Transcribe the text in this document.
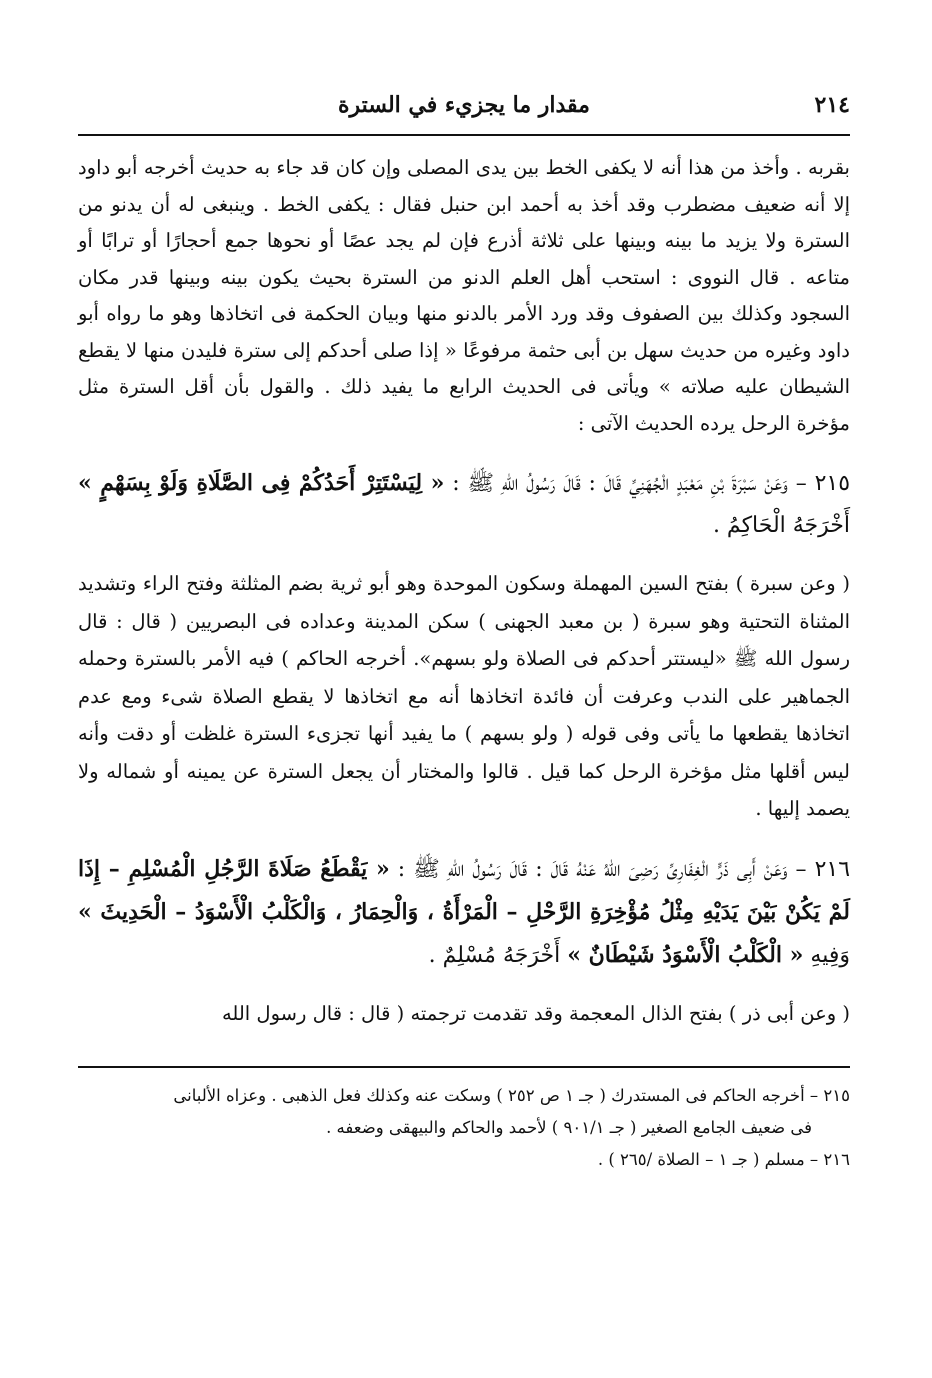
٢١٤
مقدار ما يجزيء في السترة

بقربه . وأخذ من هذا أنه لا يكفى الخط بين يدى المصلى وإن كان قد جاء به حديث أخرجه أبو داود إلا أنه ضعيف مضطرب وقد أخذ به أحمد ابن حنبل فقال : يكفى الخط . وينبغى له أن يدنو من السترة ولا يزيد ما بينه وبينها على ثلاثة أذرع فإن لم يجد عصًا أو نحوها جمع أحجارًا أو ترابًا أو متاعه . قال النووى : استحب أهل العلم الدنو من السترة بحيث يكون بينه وبينها قدر مكان السجود وكذلك بين الصفوف وقد ورد الأمر بالدنو منها وبيان الحكمة فى اتخاذها وهو ما رواه أبو داود وغيره من حديث سهل بن أبى حثمة مرفوعًا « إذا صلى أحدكم إلى سترة فليدن منها لا يقطع الشيطان عليه صلاته » ويأتى فى الحديث الرابع ما يفيد ذلك . والقول بأن أقل السترة مثل مؤخرة الرحل يرده الحديث الآتى :

٢١٥ – وَعَنْ سَبْرَةَ بْنِ مَعْبَدٍ الْجُهَنِيِّ قَالَ : قَالَ رَسُولُ اللهِ ﷺ : « لِيَسْتَتِرْ أَحَدُكُمْ فِى الصَّلَاةِ وَلَوْ بِسَهْمٍ » أَخْرَجَهُ الْحَاكِمُ .

( وعن سبرة ) بفتح السين المهملة وسكون الموحدة وهو أبو ثرية بضم المثلثة وفتح الراء وتشديد المثناة التحتية وهو سبرة ( بن معبد الجهنى ) سكن المدينة وعداده فى البصريين ( قال : قال رسول الله ﷺ «ليستتر أحدكم فى الصلاة ولو بسهم». أخرجه الحاكم ) فيه الأمر بالسترة وحمله الجماهير على الندب وعرفت أن فائدة اتخاذها أنه مع اتخاذها لا يقطع الصلاة شىء ومع عدم اتخاذها يقطعها ما يأتى وفى قوله ( ولو بسهم ) ما يفيد أنها تجزىء السترة غلظت أو دقت وأنه ليس أقلها مثل مؤخرة الرحل كما قيل . قالوا والمختار أن يجعل السترة عن يمينه أو شماله ولا يصمد إليها .

٢١٦ – وَعَنْ أَبِى ذَرٍّ الْغِفَارِىِّ رَضِىَ اللهُ عَنْهُ قَالَ : قَالَ رَسُولُ اللهِ ﷺ : « يَقْطَعُ صَلَاةَ الرَّجُلِ الْمُسْلِمِ – إِذَا لَمْ يَكُنْ بَيْنَ يَدَيْهِ مِثْلُ مُؤْخِرَةِ الرَّحْلِ – الْمَرْأَةُ ، وَالْحِمَارُ ، وَالْكَلْبُ الْأَسْوَدُ – الْحَدِيثَ » وَفِيهِ « الْكَلْبُ الْأَسْوَدُ شَيْطَانٌ » أَخْرَجَهُ مُسْلِمٌ .

( وعن أبى ذر ) بفتح الذال المعجمة وقد تقدمت ترجمته ( قال : قال رسول الله

٢١٥ – أخرجه الحاكم فى المستدرك ( جـ ١ ص ٢٥٢ ) وسكت عنه وكذلك فعل الذهبى . وعزاه الألبانى
فى ضعيف الجامع الصغير ( جـ ٩٠١/١ ) لأحمد والحاكم والبيهقى وضعفه .

٢١٦ – مسلم ( جـ ١ – الصلاة /٢٦٥ ) .
